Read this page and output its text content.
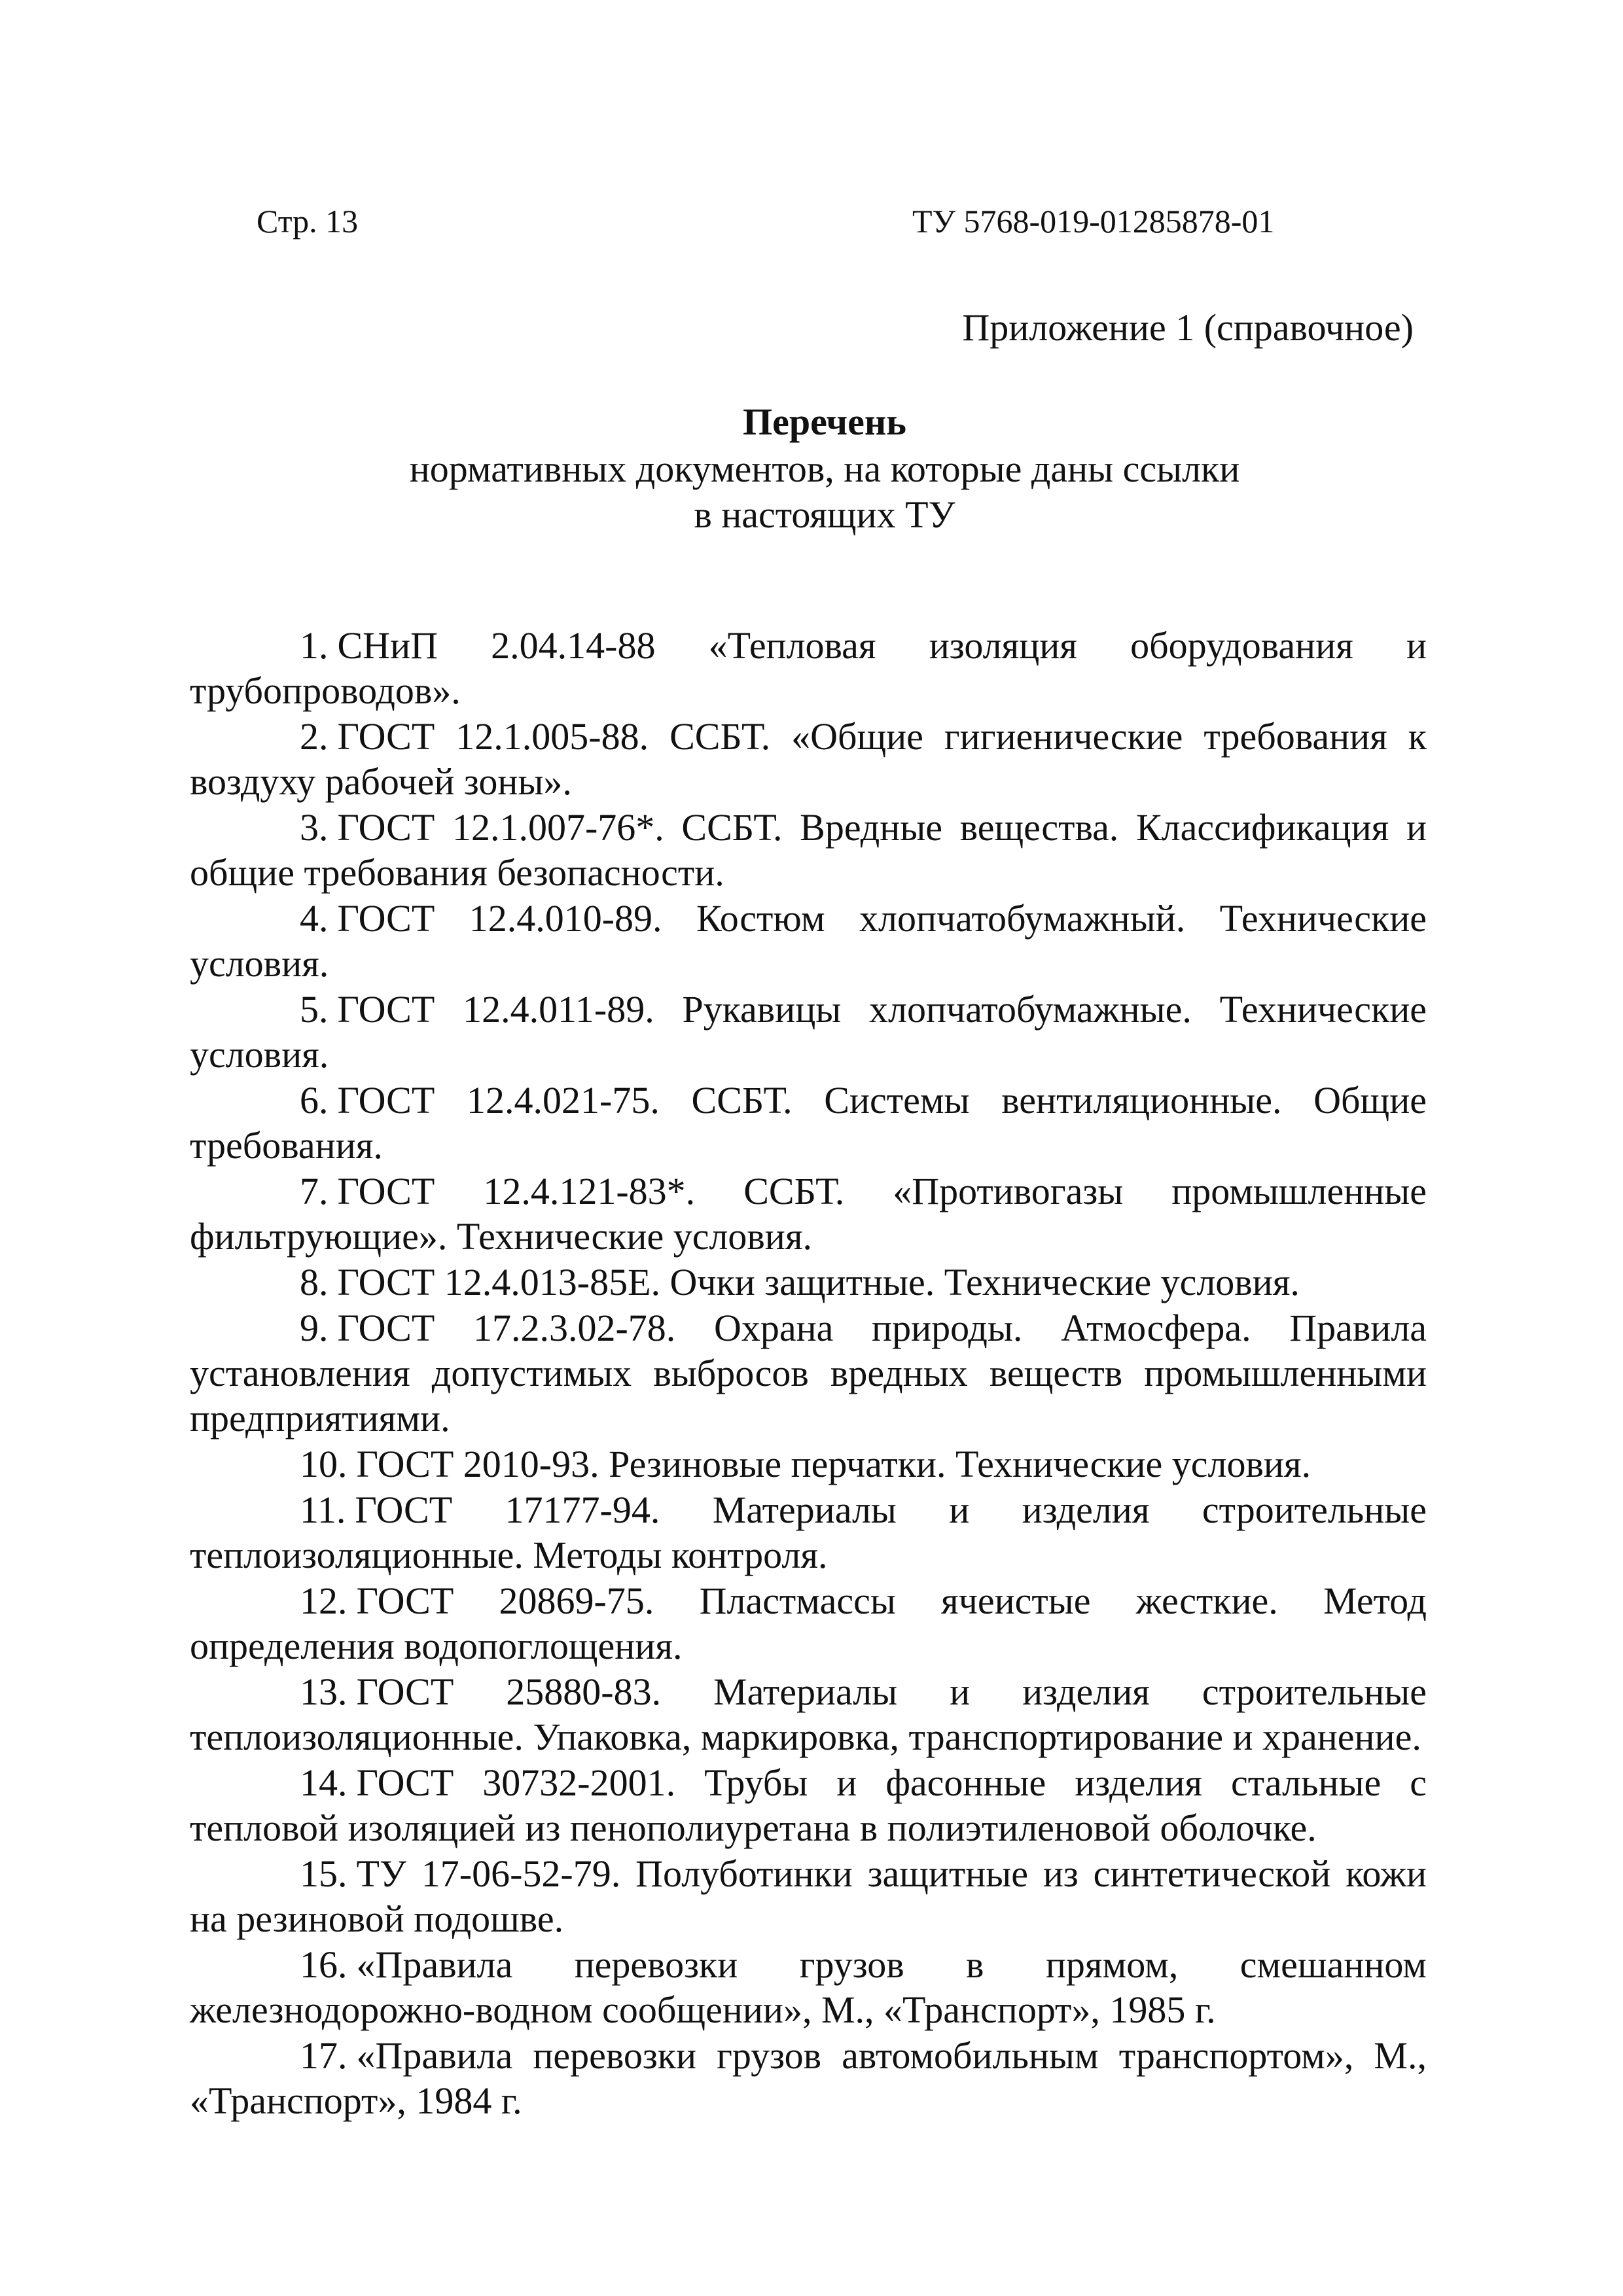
Стр. 13	ТУ 5768-019-01285878-01
Приложение 1 (справочное)
Перечень
нормативных документов, на которые даны ссылки
в настоящих ТУ
1. СНиП 2.04.14-88 «Тепловая изоляция оборудования и трубопроводов».
2. ГОСТ 12.1.005-88. ССБТ. «Общие гигиенические требования к воздуху рабочей зоны».
3. ГОСТ 12.1.007-76*. ССБТ. Вредные вещества. Классификация и общие требования безопасности.
4. ГОСТ 12.4.010-89. Костюм хлопчатобумажный. Технические условия.
5. ГОСТ 12.4.011-89. Рукавицы хлопчатобумажные. Технические условия.
6. ГОСТ 12.4.021-75. ССБТ. Системы вентиляционные. Общие требования.
7. ГОСТ 12.4.121-83*. ССБТ. «Противогазы промышленные фильтрующие». Технические условия.
8. ГОСТ 12.4.013-85Е. Очки защитные. Технические условия.
9. ГОСТ 17.2.3.02-78. Охрана природы. Атмосфера. Правила установления допустимых выбросов вредных веществ промышленными предприятиями.
10. ГОСТ 2010-93. Резиновые перчатки. Технические условия.
11. ГОСТ 17177-94. Материалы и изделия строительные теплоизоляционные. Методы контроля.
12. ГОСТ 20869-75. Пластмассы ячеистые жесткие. Метод определения водопоглощения.
13. ГОСТ 25880-83. Материалы и изделия строительные теплоизоляционные. Упаковка, маркировка, транспортирование и хранение.
14. ГОСТ 30732-2001. Трубы и фасонные изделия стальные с тепловой изоляцией из пенополиуретана в полиэтиленовой оболочке.
15. ТУ 17-06-52-79. Полуботинки защитные из синтетической кожи на резиновой подошве.
16. «Правила перевозки грузов в прямом, смешанном железнодорожно-водном сообщении», М., «Транспорт», 1985 г.
17. «Правила перевозки грузов автомобильным транспортом», М., «Транспорт», 1984 г.
